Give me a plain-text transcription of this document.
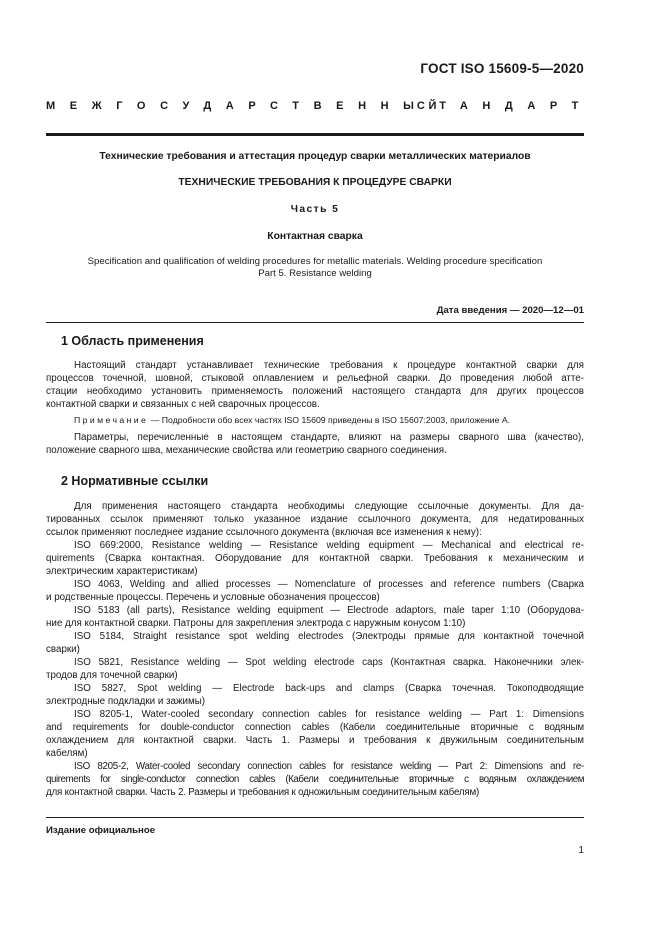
ГОСТ ISO 15609-5—2020
МЕЖГОСУДАРСТВЕННЫЙ
СТАНДАРТ
Технические требования и аттестация процедур сварки металлических материалов
ТЕХНИЧЕСКИЕ ТРЕБОВАНИЯ К ПРОЦЕДУРЕ СВАРКИ
Часть 5
Контактная сварка
Specification and qualification of welding procedures for metallic materials. Welding procedure specification
Part 5. Resistance welding
Дата введения — 2020—12—01
1 Область применения
Настоящий стандарт устанавливает технические требования к процедуре контактной сварки для
процессов точечной, шовной, стыковой оплавлением и рельефной сварки. До проведения любой атте-
стации необходимо установить применяемость положений настоящего стандарта для других процессов
контактной сварки и связанных с ней сварочных процессов.
Примечание — Подробности обо всех частях ISO 15609 приведены в ISO 15607:2003, приложение А.
Параметры, перечисленные в настоящем стандарте, влияют на размеры сварного шва (качество),
положение сварного шва, механические свойства или геометрию сварного соединения.
2 Нормативные ссылки
Для применения настоящего стандарта необходимы следующие ссылочные документы. Для да-
тированных ссылок применяют только указанное издание ссылочного документа, для недатированных
ссылок применяют последнее издание ссылочного документа (включая все изменения к нему):
ISO 669:2000, Resistance welding — Resistance welding equipment — Mechanical and electrical re-
quirements (Сварка контактная. Оборудование для контактной сварки. Требования к механическим и
электрическим характеристикам)
ISO 4063, Welding and allied processes — Nomenclature of processes and reference numbers (Сварка
и родственные процессы. Перечень и условные обозначения процессов)
ISO 5183 (all parts), Resistance welding equipment — Electrode adaptors, male taper 1:10 (Оборудова-
ние для контактной сварки. Патроны для закрепления электрода с наружным конусом 1:10)
ISO 5184, Straight resistance spot welding electrodes (Электроды прямые для контактной точечной
сварки)
ISO 5821, Resistance welding — Spot welding electrode caps (Контактная сварка. Наконечники элек-
тродов для точечной сварки)
ISO 5827, Spot welding — Electrode back-ups and clamps (Сварка точечная. Токоподводящие
электродные подкладки и зажимы)
ISO 8205-1, Water-cooled secondary connection cables for resistance welding — Part 1: Dimensions
and requirements for double-conductor connection cables (Кабели соединительные вторичные с водяным
охлаждением для контактной сварки. Часть 1. Размеры и требования к двужильным соединительным
кабелям)
ISO 8205-2, Water-cooled secondary connection cables for resistance welding — Part 2: Dimensions and re-
quirements for single-conductor connection cables (Кабели соединительные вторичные с водяным охлаждением
для контактной сварки. Часть 2. Размеры и требования к одножильным соединительным кабелям)
Издание официальное
1
